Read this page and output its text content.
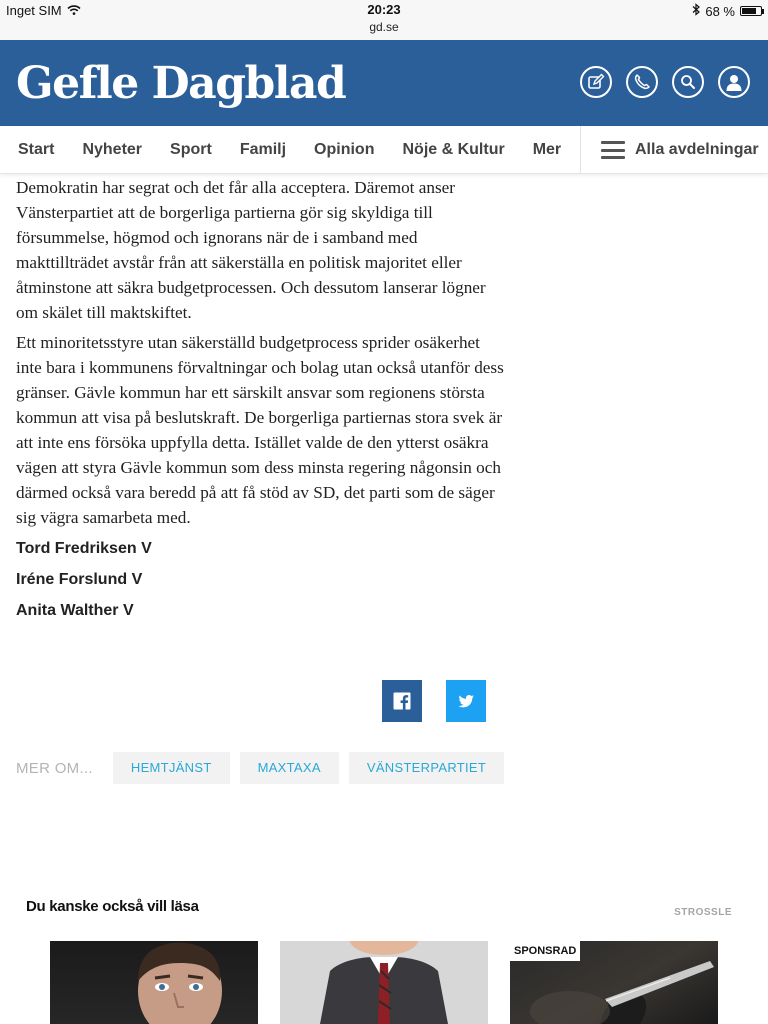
Inget SIM	20:23
gd.se
68 %
Gefle Dagblad
Start Nyheter Sport Familj Opinion Nöje & Kultur Mer	Alla avdelningar

Demokratin har segrat och det får alla acceptera. Däremot anser Vänsterpartiet att de borgerliga partierna gör sig skyldiga till försummelse, högmod och ignorans när de i samband med makttillträdet avstår från att säkerställa en politisk majoritet eller åtminstone att säkra budgetprocessen. Och dessutom lanserar lögner om skälet till maktskiftet.

Ett minoritetsstyre utan säkerställd budgetprocess sprider osäkerhet inte bara i kommunens förvaltningar och bolag utan också utanför dess gränser. Gävle kommun har ett särskilt ansvar som regionens största kommun att visa på beslutskraft. De borgerliga partiernas stora svek är att inte ens försöka uppfylla detta. Istället valde de den ytterst osäkra vägen att styra Gävle kommun som dess minsta regering någonsin och därmed också vara beredd på att få stöd av SD, det parti som de säger sig vägra samarbeta med.

Tord Fredriksen V
Iréne Forslund V
Anita Walther V
MER OM...	HEMTJÄNST	MAXTAXA	VÄNSTERPARTIET
Du kanske också vill läsa	STROSSLE
SPONSRAD
